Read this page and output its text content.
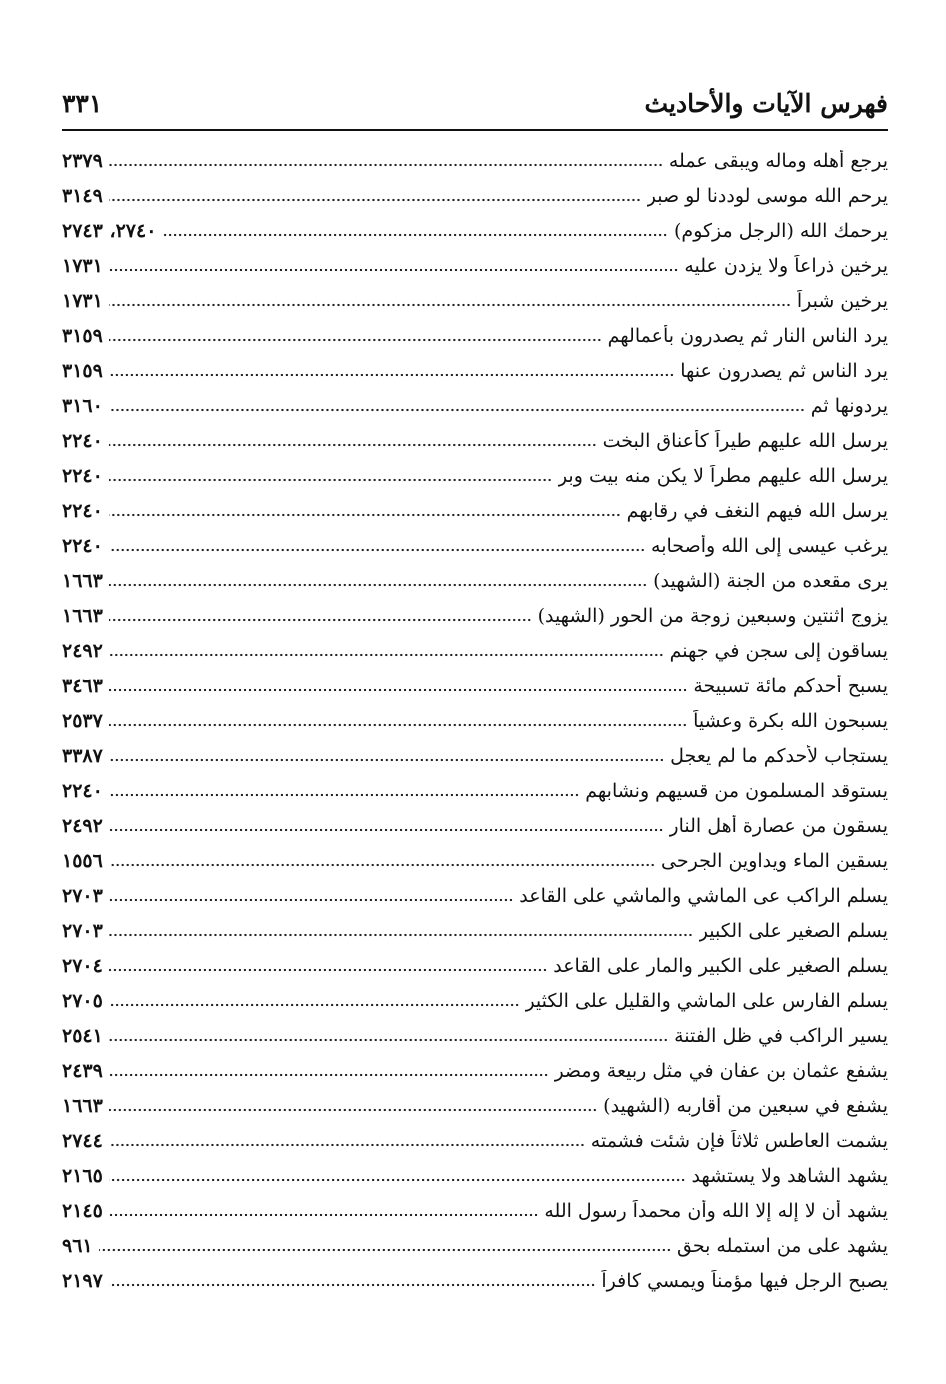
فهرس الآيات والأحاديث
٣٣١
يرجع أهله وماله ويبقى عمله
٢٣٧٩
يرحم الله موسى لوددنا لو صبر
٣١٤٩
يرحمك الله (الرجل مزكوم)
٢٧٤٠، ٢٧٤٣
يرخين ذراعاً ولا يزدن عليه
١٧٣١
يرخين شبراً
١٧٣١
يرد الناس النار ثم يصدرون بأعمالهم
٣١٥٩
يرد الناس ثم يصدرون عنها
٣١٥٩
يردونها ثم
٣١٦٠
يرسل الله عليهم طيراً كأعناق البخت
٢٢٤٠
يرسل الله عليهم مطراً لا يكن منه بيت وبر
٢٢٤٠
يرسل الله فيهم النغف في رقابهم
٢٢٤٠
يرغب عيسى إلى الله وأصحابه
٢٢٤٠
يرى مقعده من الجنة (الشهيد)
١٦٦٣
يزوج اثنتين وسبعين زوجة من الحور (الشهيد)
١٦٦٣
يساقون إلى سجن في جهنم
٢٤٩٢
يسبح أحدكم مائة تسبيحة
٣٤٦٣
يسبحون الله بكرة وعشياً
٢٥٣٧
يستجاب لأحدكم ما لم يعجل
٣٣٨٧
يستوقد المسلمون من قسيهم ونشابهم
٢٢٤٠
يسقون من عصارة أهل النار
٢٤٩٢
يسقين الماء ويداوين الجرحى
١٥٥٦
يسلم الراكب عى الماشي والماشي على القاعد
٢٧٠٣
يسلم الصغير على الكبير
٢٧٠٣
يسلم الصغير على الكبير والمار على القاعد
٢٧٠٤
يسلم الفارس على الماشي والقليل على الكثير
٢٧٠٥
يسير الراكب في ظل الفتنة
٢٥٤١
يشفع عثمان بن عفان في مثل ربيعة ومضر
٢٤٣٩
يشفع في سبعين من أقاربه (الشهيد)
١٦٦٣
يشمت العاطس ثلاثاً فإن شئت فشمته
٢٧٤٤
يشهد الشاهد ولا يستشهد
٢١٦٥
يشهد أن لا إله إلا الله وأن محمداً رسول الله
٢١٤٥
يشهد على من استمله بحق
٩٦١
يصبح الرجل فيها مؤمناً ويمسي كافراً
٢١٩٧
